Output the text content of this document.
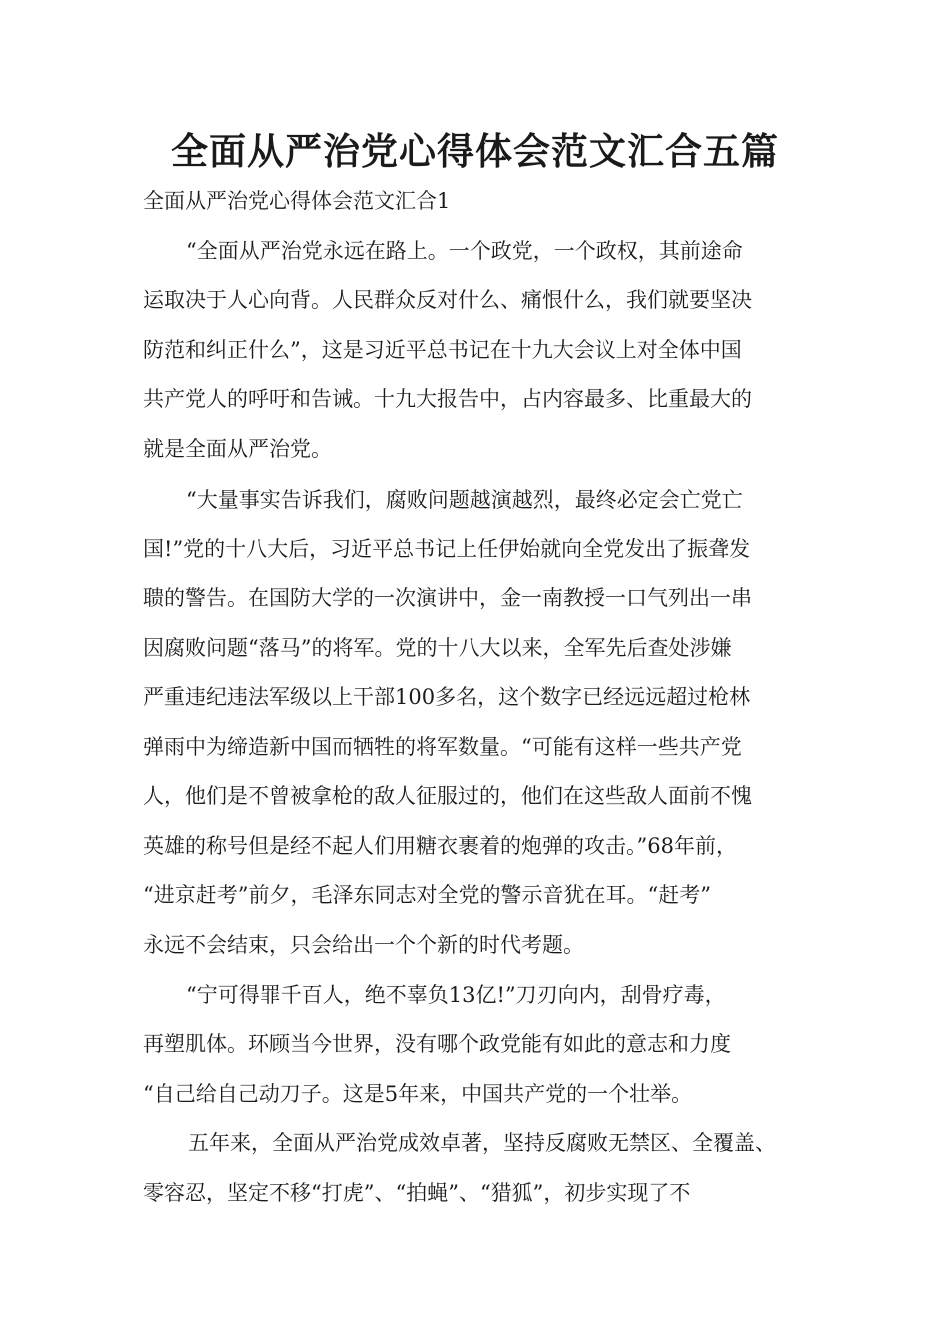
全面从严治党心得体会范文汇合五篇

全面从严治党心得体会范文汇合1

“全面从严治党永远在路上。一个政党，一个政权，其前途命

运取决于人心向背。人民群众反对什么、痛恨什么，我们就要坚决

防范和纠正什么”，这是习近平总书记在十九大会议上对全体中国

共产党人的呼吁和告诫。十九大报告中，占内容最多、比重最大的

就是全面从严治党。

“大量事实告诉我们，腐败问题越演越烈，最终必定会亡党亡

国!”党的十八大后，习近平总书记上任伊始就向全党发出了振聋发

聩的警告。在国防大学的一次演讲中，金一南教授一口气列出一串

因腐败问题“落马”的将军。党的十八大以来，全军先后查处涉嫌

严重违纪违法军级以上干部100多名，这个数字已经远远超过枪林

弹雨中为缔造新中国而牺牲的将军数量。“可能有这样一些共产党

人，他们是不曾被拿枪的敌人征服过的，他们在这些敌人面前不愧

英雄的称号但是经不起人们用糖衣裹着的炮弹的攻击。”68年前，

“进京赶考”前夕，毛泽东同志对全党的警示音犹在耳。“赶考”

永远不会结束，只会给出一个个新的时代考题。

“宁可得罪千百人，绝不辜负13亿!”刀刃向内，刮骨疗毒，

再塑肌体。环顾当今世界，没有哪个政党能有如此的意志和力度

“自己给自己动刀子。这是5年来，中国共产党的一个壮举。

五年来，全面从严治党成效卓著，坚持反腐败无禁区、全覆盖、

零容忍，坚定不移“打虎”、“拍蝇”、“猎狐”，初步实现了不
